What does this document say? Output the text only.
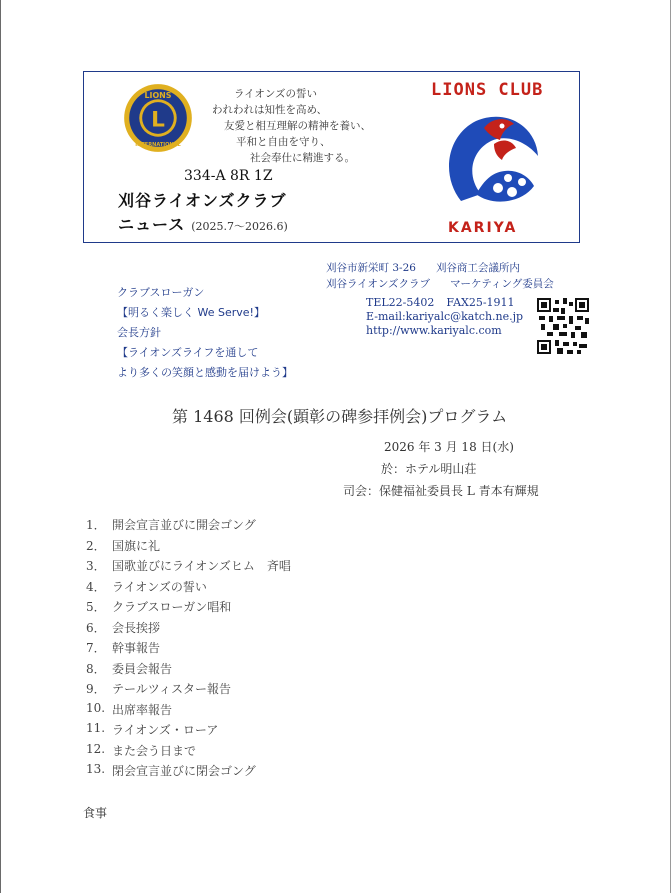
L
LIONS
INTERNATIONAL
ライオンズの誓い
われわれは知性を高め、
友愛と相互理解の精神を養い、
平和と自由を守り、
社会奉仕に精進する。
334-A 8R 1Z
刈谷ライオンズクラブ
ニュース (2025.7～2026.6)
LIONS CLUB
KARIYA
刈谷市新栄町 3-26 刈谷商工会議所内
刈谷ライオンズクラブ マーケティング委員会
TEL22-5402 FAX25-1911
E-mail:kariyalc@katch.ne.jp
http://www.kariyalc.com
クラブスローガン
【明るく楽しく We Serve!】
会長方針
【ライオンズライフを通して
より多くの笑顔と感動を届けよう】
第 1468 回例会(顕彰の碑参拝例会)プログラム
2026 年 3 月 18 日(水)
於：ホテル明山荘
司会：保健福祉委員長 L 青本有輝規
1． 開会宣言並びに開会ゴング
2． 国旗に礼
3． 国歌並びにライオンズヒム　斉唱
4． ライオンズの誓い
5． クラブスローガン唱和
6． 会長挨拶
7． 幹事報告
8． 委員会報告
9． テールツィスター報告
10. 出席率報告
11. ライオンズ・ローア
12. また会う日まで
13. 閉会宣言並びに閉会ゴング
食事
